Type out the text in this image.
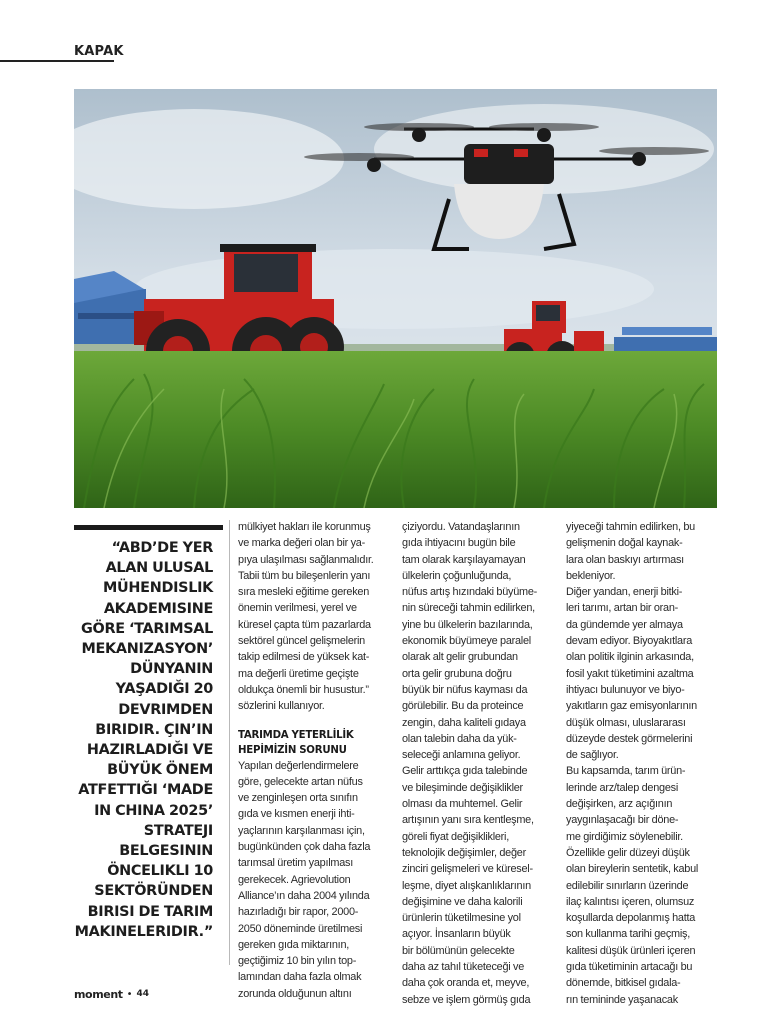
KAPAK
“ABD’DE YER ALAN ULUSAL MÜHENDISLIK AKADEMISINE GÖRE ‘TARIMSAL MEKANIZASYON’ DÜNYANIN YAŞADIĞI 20 DEVRIMDEN BIRIDIR. ÇIN’IN HAZIRLADIĞI VE BÜYÜK ÖNEM ATFETTIĞI ‘MADE IN CHINA 2025’ STRATEJI BELGESININ ÖNCELIKLI 10 SEKTÖRÜNDEN BIRISI DE TARIM MAKINELERIDIR.”

mülkiyet hakları ile korunmuş
ve marka değeri olan bir ya-
pıya ulaşılması sağlanmalıdır.
Tabii tüm bu bileşenlerin yanı
sıra mesleki eğitime gereken
önemin verilmesi, yerel ve
küresel çapta tüm pazarlarda
sektörel güncel gelişmelerin
takip edilmesi de yüksek kat-
ma değerli üretime geçişte
oldukça önemli bir husustur.”
sözlerini kullanıyor.

TARIMDA YETERLİLİK
HEPİMİZİN SORUNU

Yapılan değerlendirmelere
göre, gelecekte artan nüfus
ve zenginleşen orta sınıfın
gıda ve kısmen enerji ihti-
yaçlarının karşılanması için,
bugünkünden çok daha fazla
tarımsal üretim yapılması
gerekecek. Agrievolution
Alliance’ın daha 2004 yılında
hazırladığı bir rapor, 2000-
2050 döneminde üretilmesi
gereken gıda miktarının,
geçtiğimiz 10 bin yılın top-
lamından daha fazla olmak
zorunda olduğunun altını

çiziyordu. Vatandaşlarının
gıda ihtiyacını bugün bile
tam olarak karşılayamayan
ülkelerin çoğunluğunda,
nüfus artış hızındaki büyüme-
nin süreceği tahmin edilirken,
yine bu ülkelerin bazılarında,
ekonomik büyümeye paralel
olarak alt gelir grubundan
orta gelir grubuna doğru
büyük bir nüfus kayması da
görülebilir. Bu da proteince
zengin, daha kaliteli gıdaya
olan talebin daha da yük-
seleceği anlamına geliyor.
Gelir arttıkça gıda talebinde
ve bileşiminde değişiklikler
olması da muhtemel. Gelir
artışının yanı sıra kentleşme,
göreli fiyat değişiklikleri,
teknolojik değişimler, değer
zinciri gelişmeleri ve küresel-
leşme, diyet alışkanlıklarının
değişimine ve daha kalorili
ürünlerin tüketilmesine yol
açıyor. İnsanların büyük
bir bölümünün gelecekte
daha az tahıl tüketeceği ve
daha çok oranda et, meyve,
sebze ve işlem görmüş gıda

yiyeceği tahmin edilirken, bu
gelişmenin doğal kaynak-
lara olan baskıyı artırması
bekleniyor.

Diğer yandan, enerji bitki-
leri tarımı, artan bir oran-
da gündemde yer almaya
devam ediyor. Biyoyakıtlara
olan politik ilginin arkasında,
fosil yakıt tüketimini azaltma
ihtiyacı bulunuyor ve biyo-
yakıtların gaz emisyonlarının
düşük olması, uluslararası
düzeyde destek görmelerini
de sağlıyor.

Bu kapsamda, tarım ürün-
lerinde arz/talep dengesi
değişirken, arz açığının
yaygınlaşacağı bir döne-
me girdiğimiz söylenebilir.
Özellikle gelir düzeyi düşük
olan bireylerin sentetik, kabul
edilebilir sınırların üzerinde
ilaç kalıntısı içeren, olumsuz
koşullarda depolanmış hatta
son kullanma tarihi geçmiş,
kalitesi düşük ürünleri içeren
gıda tüketiminin artacağı bu
dönemde, bitkisel gıdala-
rın temininde yaşanacak

moment • 44
